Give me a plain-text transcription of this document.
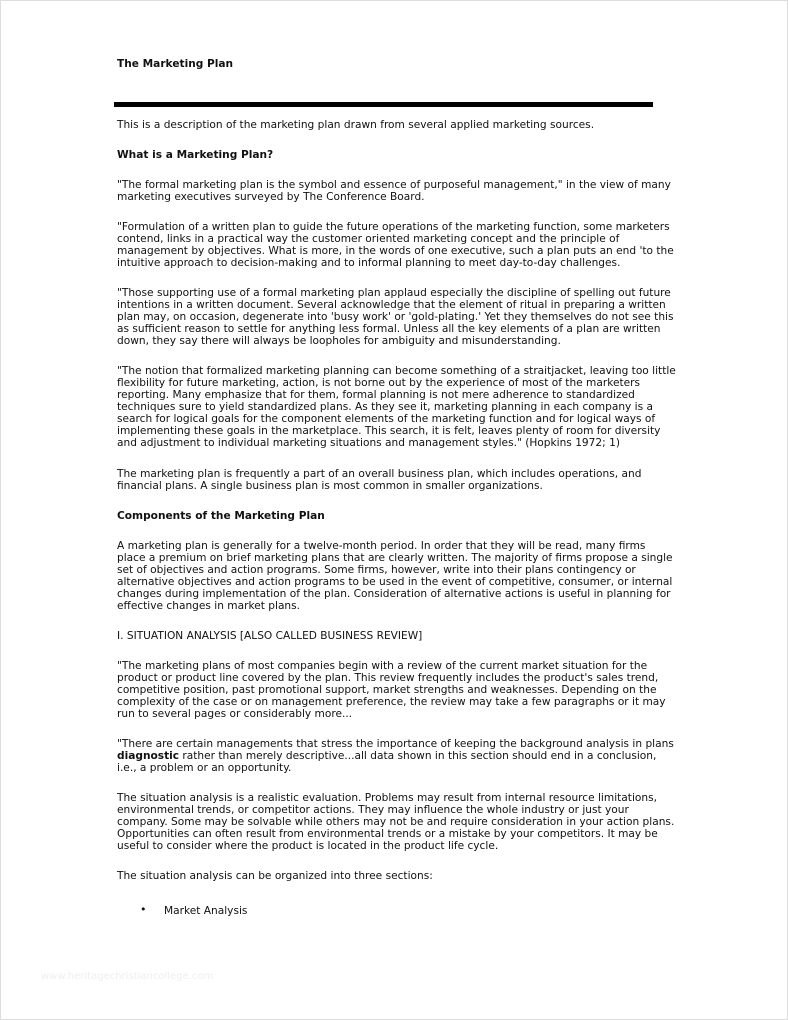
The Marketing Plan

This is a description of the marketing plan drawn from several applied marketing sources.

What is a Marketing Plan?

"The formal marketing plan is the symbol and essence of purposeful management," in the view of many marketing executives surveyed by The Conference Board.

"Formulation of a written plan to guide the future operations of the marketing function, some marketers contend, links in a practical way the customer oriented marketing concept and the principle of management by objectives. What is more, in the words of one executive, such a plan puts an end 'to the intuitive approach to decision-making and to informal planning to meet day-to-day challenges.

"Those supporting use of a formal marketing plan applaud especially the discipline of spelling out future intentions in a written document. Several acknowledge that the element of ritual in preparing a written plan may, on occasion, degenerate into 'busy work' or 'gold-plating.' Yet they themselves do not see this as sufficient reason to settle for anything less formal. Unless all the key elements of a plan are written down, they say there will always be loopholes for ambiguity and misunderstanding.

"The notion that formalized marketing planning can become something of a straitjacket, leaving too little flexibility for future marketing, action, is not borne out by the experience of most of the marketers reporting. Many emphasize that for them, formal planning is not mere adherence to standardized techniques sure to yield standardized plans. As they see it, marketing planning in each company is a search for logical goals for the component elements of the marketing function and for logical ways of implementing these goals in the marketplace. This search, it is felt, leaves plenty of room for diversity and adjustment to individual marketing situations and management styles." (Hopkins 1972; 1)

The marketing plan is frequently a part of an overall business plan, which includes operations, and financial plans. A single business plan is most common in smaller organizations.

Components of the Marketing Plan

A marketing plan is generally for a twelve-month period. In order that they will be read, many firms place a premium on brief marketing plans that are clearly written. The majority of firms propose a single set of objectives and action programs. Some firms, however, write into their plans contingency or alternative objectives and action programs to be used in the event of competitive, consumer, or internal changes during implementation of the plan. Consideration of alternative actions is useful in planning for effective changes in market plans.

I. SITUATION ANALYSIS [ALSO CALLED BUSINESS REVIEW]

"The marketing plans of most companies begin with a review of the current market situation for the product or product line covered by the plan. This review frequently includes the product's sales trend, competitive position, past promotional support, market strengths and weaknesses. Depending on the complexity of the case or on management preference, the review may take a few paragraphs or it may run to several pages or considerably more...

"There are certain managements that stress the importance of keeping the background analysis in plans diagnostic rather than merely descriptive...all data shown in this section should end in a conclusion, i.e., a problem or an opportunity.

The situation analysis is a realistic evaluation. Problems may result from internal resource limitations, environmental trends, or competitor actions. They may influence the whole industry or just your company. Some may be solvable while others may not be and require consideration in your action plans. Opportunities can often result from environmental trends or a mistake by your competitors. It may be useful to consider where the product is located in the product life cycle.

The situation analysis can be organized into three sections:

• Market Analysis
www.heritagechristiancollege.com
